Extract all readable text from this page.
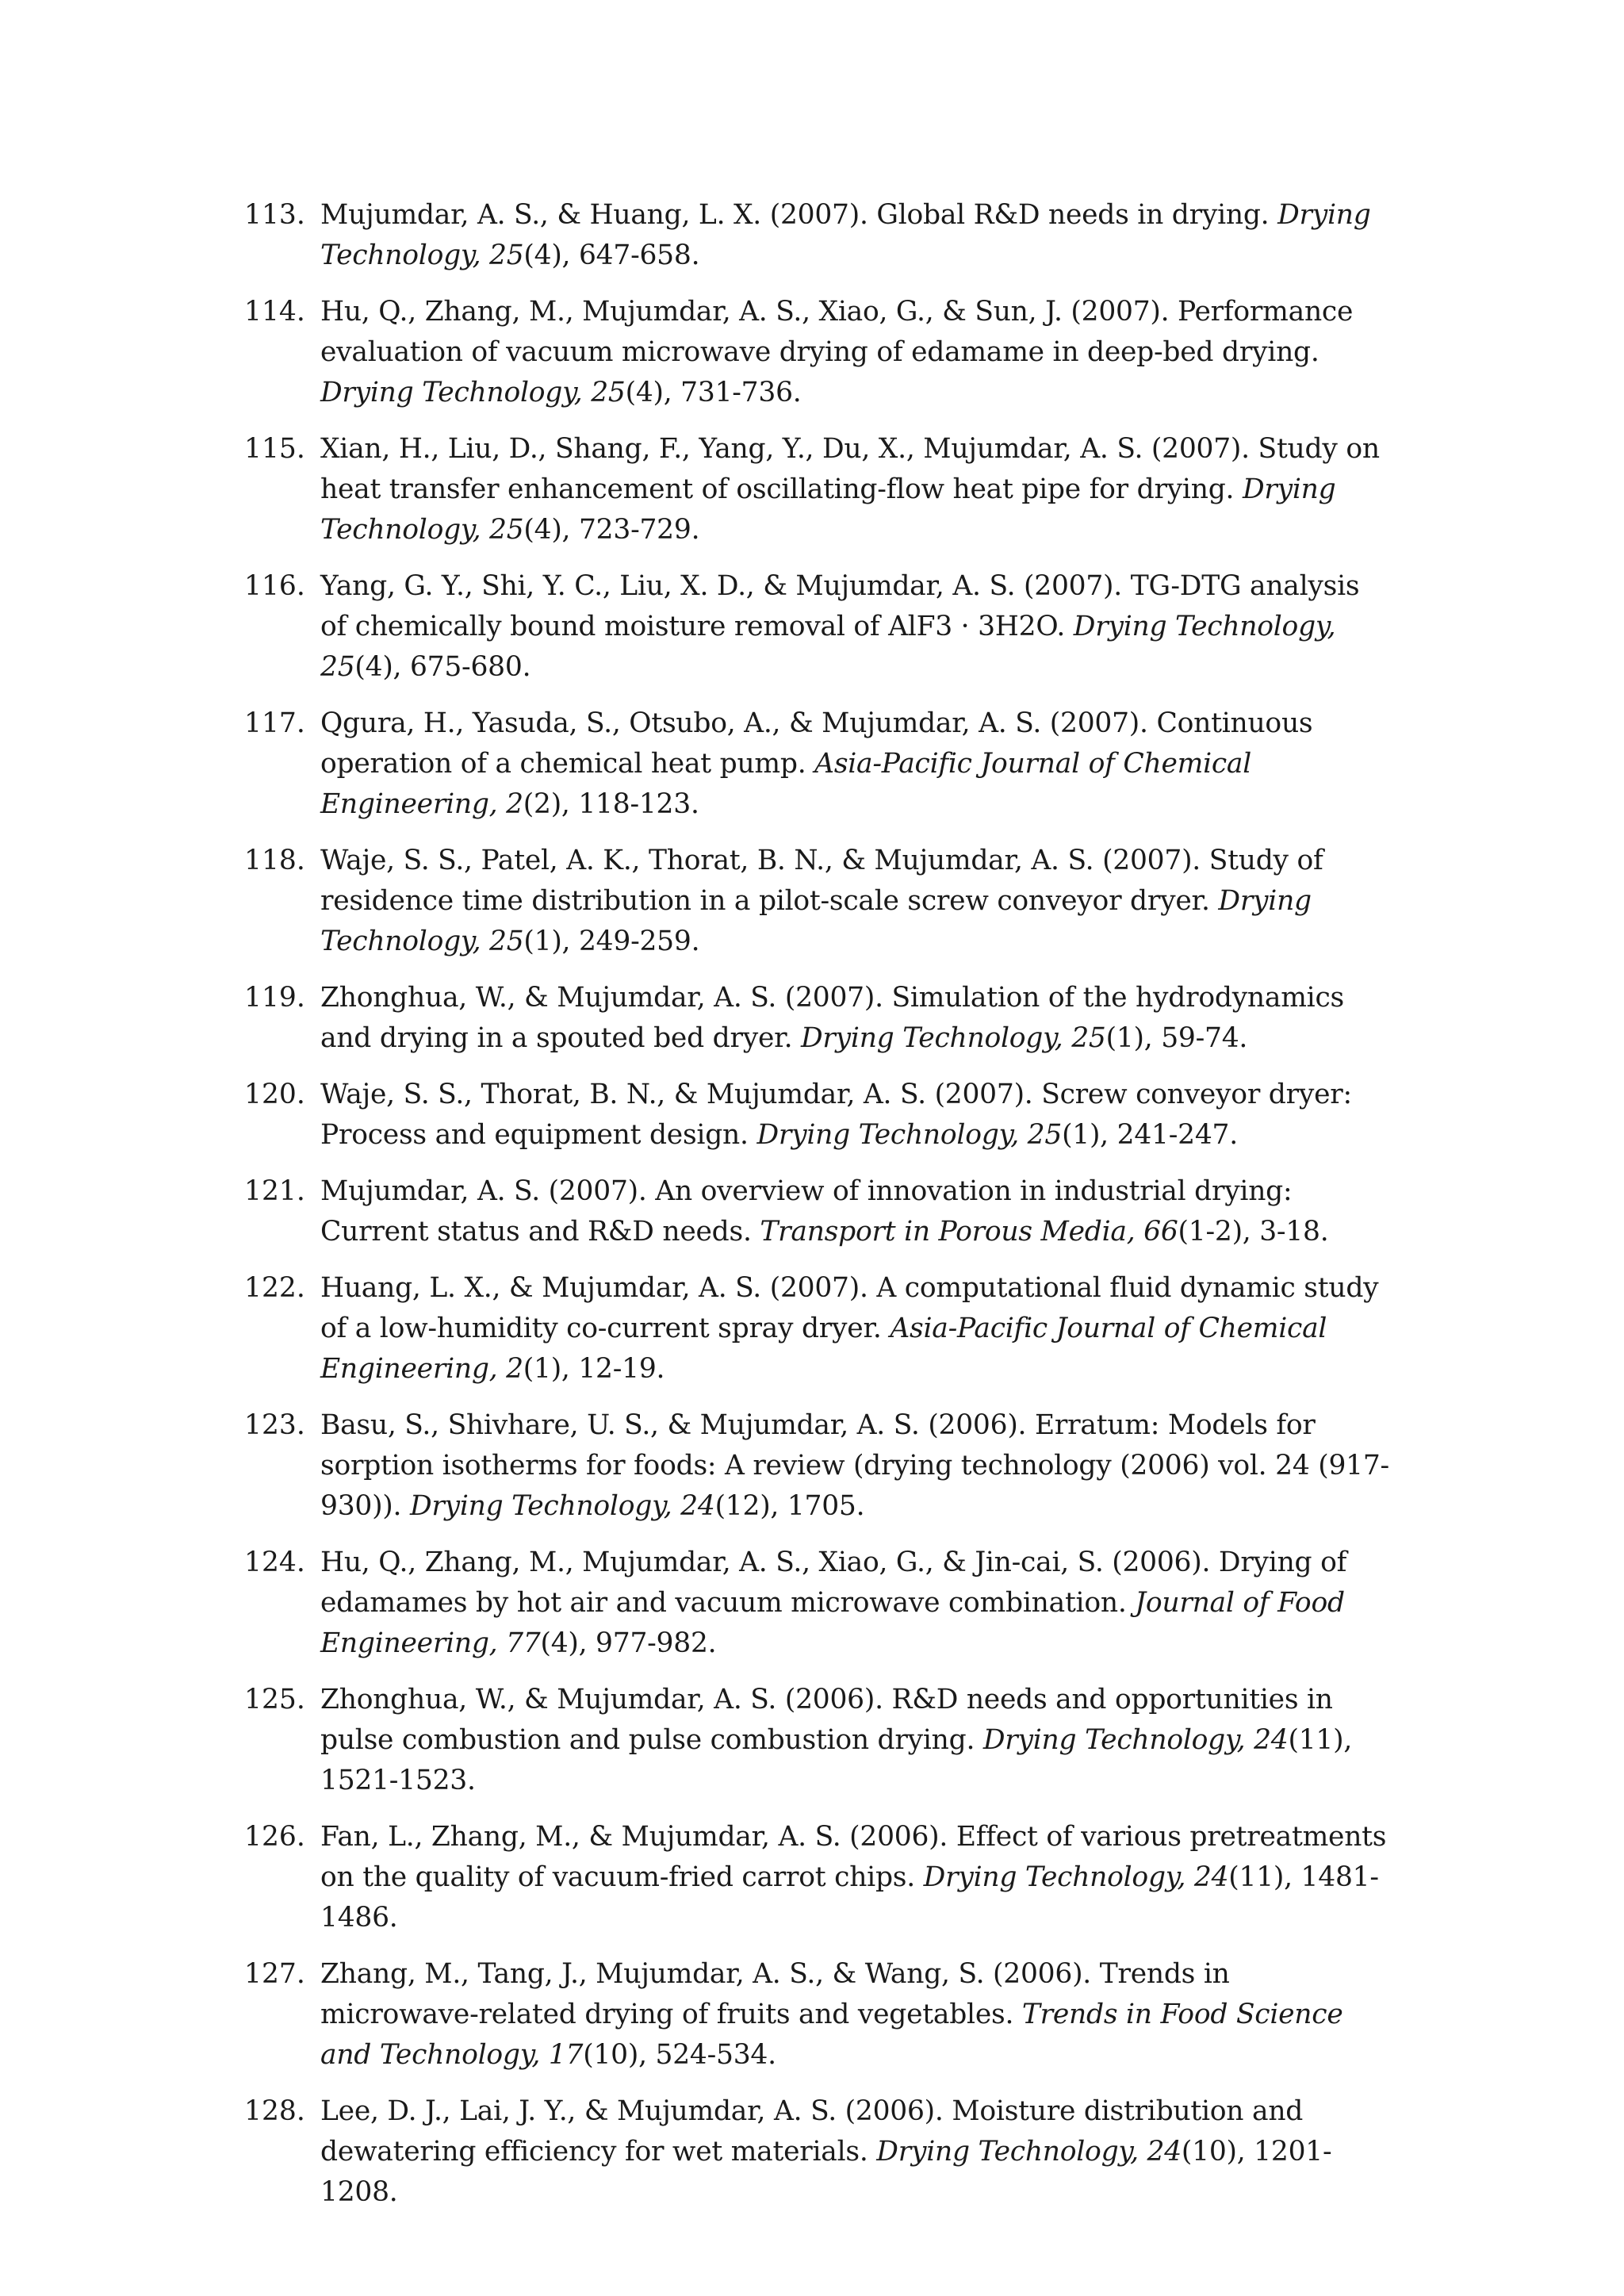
113. Mujumdar, A. S., & Huang, L. X. (2007). Global R&D needs in drying. Drying Technology, 25(4), 647-658.
114. Hu, Q., Zhang, M., Mujumdar, A. S., Xiao, G., & Sun, J. (2007). Performance evaluation of vacuum microwave drying of edamame in deep-bed drying. Drying Technology, 25(4), 731-736.
115. Xian, H., Liu, D., Shang, F., Yang, Y., Du, X., Mujumdar, A. S. (2007). Study on heat transfer enhancement of oscillating-flow heat pipe for drying. Drying Technology, 25(4), 723-729.
116. Yang, G. Y., Shi, Y. C., Liu, X. D., & Mujumdar, A. S. (2007). TG-DTG analysis of chemically bound moisture removal of AlF3 · 3H2O. Drying Technology, 25(4), 675-680.
117. Qgura, H., Yasuda, S., Otsubo, A., & Mujumdar, A. S. (2007). Continuous operation of a chemical heat pump. Asia-Pacific Journal of Chemical Engineering, 2(2), 118-123.
118. Waje, S. S., Patel, A. K., Thorat, B. N., & Mujumdar, A. S. (2007). Study of residence time distribution in a pilot-scale screw conveyor dryer. Drying Technology, 25(1), 249-259.
119. Zhonghua, W., & Mujumdar, A. S. (2007). Simulation of the hydrodynamics and drying in a spouted bed dryer. Drying Technology, 25(1), 59-74.
120. Waje, S. S., Thorat, B. N., & Mujumdar, A. S. (2007). Screw conveyor dryer: Process and equipment design. Drying Technology, 25(1), 241-247.
121. Mujumdar, A. S. (2007). An overview of innovation in industrial drying: Current status and R&D needs. Transport in Porous Media, 66(1-2), 3-18.
122. Huang, L. X., & Mujumdar, A. S. (2007). A computational fluid dynamic study of a low-humidity co-current spray dryer. Asia-Pacific Journal of Chemical Engineering, 2(1), 12-19.
123. Basu, S., Shivhare, U. S., & Mujumdar, A. S. (2006). Erratum: Models for sorption isotherms for foods: A review (drying technology (2006) vol. 24 (917-930)). Drying Technology, 24(12), 1705.
124. Hu, Q., Zhang, M., Mujumdar, A. S., Xiao, G., & Jin-cai, S. (2006). Drying of edamames by hot air and vacuum microwave combination. Journal of Food Engineering, 77(4), 977-982.
125. Zhonghua, W., & Mujumdar, A. S. (2006). R&D needs and opportunities in pulse combustion and pulse combustion drying. Drying Technology, 24(11), 1521-1523.
126. Fan, L., Zhang, M., & Mujumdar, A. S. (2006). Effect of various pretreatments on the quality of vacuum-fried carrot chips. Drying Technology, 24(11), 1481-1486.
127. Zhang, M., Tang, J., Mujumdar, A. S., & Wang, S. (2006). Trends in microwave-related drying of fruits and vegetables. Trends in Food Science and Technology, 17(10), 524-534.
128. Lee, D. J., Lai, J. Y., & Mujumdar, A. S. (2006). Moisture distribution and dewatering efficiency for wet materials. Drying Technology, 24(10), 1201-1208.
